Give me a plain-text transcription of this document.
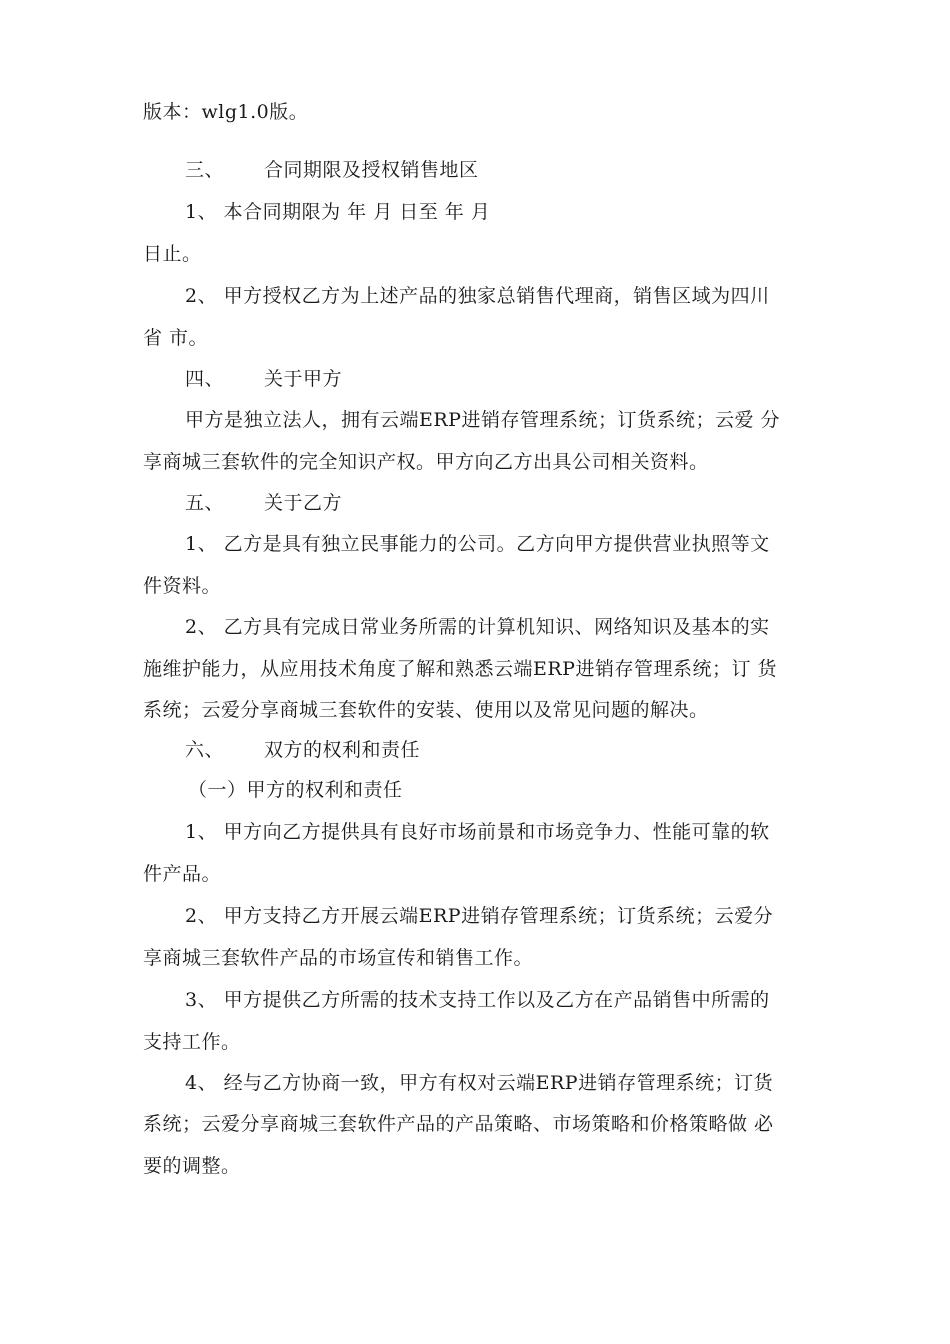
版本：wlg1.0版。
三、 合同期限及授权销售地区
1、 本合同期限为 年 月 日至 年 月
日止。
2、 甲方授权乙方为上述产品的独家总销售代理商，销售区域为四川
省 市。
四、 关于甲方
甲方是独立法人，拥有云端ERP进销存管理系统；订货系统；云爱 分
享商城三套软件的完全知识产权。甲方向乙方出具公司相关资料。
五、 关于乙方
1、 乙方是具有独立民事能力的公司。乙方向甲方提供营业执照等文
件资料。
2、 乙方具有完成日常业务所需的计算机知识、网络知识及基本的实
施维护能力，从应用技术角度了解和熟悉云端ERP进销存管理系统；订 货
系统；云爱分享商城三套软件的安装、使用以及常见问题的解决。
六、 双方的权利和责任
（一）甲方的权利和责任
1、 甲方向乙方提供具有良好市场前景和市场竞争力、性能可靠的软
件产品。
2、 甲方支持乙方开展云端ERP进销存管理系统；订货系统；云爱分
享商城三套软件产品的市场宣传和销售工作。
3、 甲方提供乙方所需的技术支持工作以及乙方在产品销售中所需的
支持工作。
4、 经与乙方协商一致，甲方有权对云端ERP进销存管理系统；订货
系统；云爱分享商城三套软件产品的产品策略、市场策略和价格策略做 必
要的调整。
